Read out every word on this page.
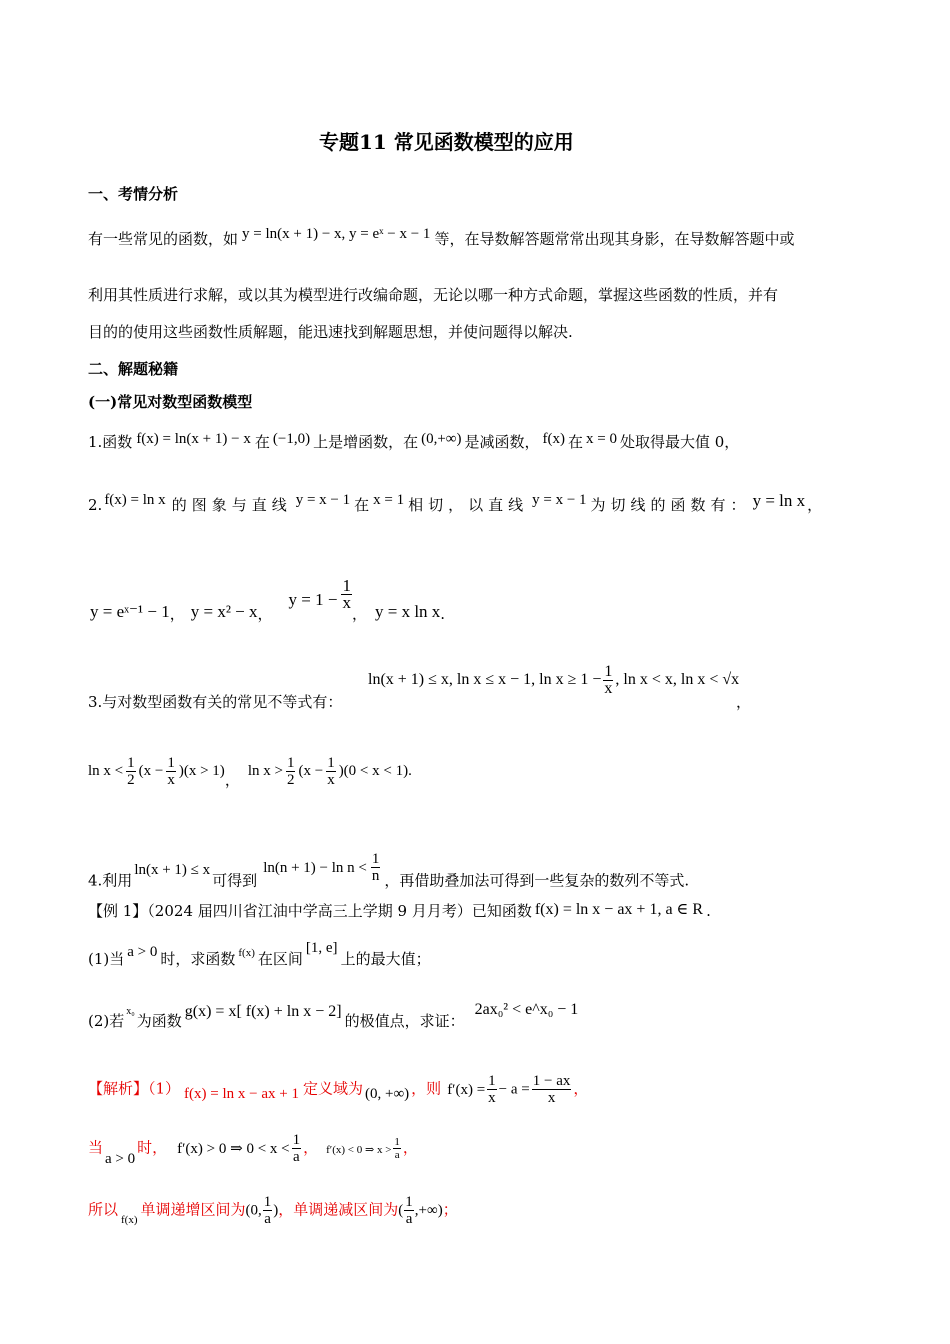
专题11 常见函数模型的应用
一、考情分析
有一些常见的函数，如 y = ln(x + 1) − x, y = eˣ − x − 1 等，在导数解答题常常出现其身影，在导数解答题中或
利用其性质进行求解，或以其为模型进行改编命题，无论以哪一种方式命题，掌握这些函数的性质，并有
目的的使用这些函数性质解题，能迅速找到解题思想，并使问题得以解决.
二、解题秘籍
(一)常见对数型函数模型
1.函数 f(x) = ln(x + 1) − x 在 (−1,0) 上是增函数，在 (0,+∞) 是减函数， f(x) 在 x = 0 处取得最大值 0，
2. f(x) = ln x 的图象与直线 y = x − 1 在 x = 1 相切，以直线 y = x − 1 为切线的函数有： y = ln x ，
y = eˣ⁻¹ − 1， y = x² − x，$y = 1 - \frac{1}{x}$
， y = x ln x.
3.与对数型函数有关的常见不等式有：
ln(x + 1) ≤ x, ln x ≤ x − 1, $\ln x \ge 1 - \frac{1}{x}$ , ln x < x, ln x < √x
，
$\ln x < \frac{1}{2} (x - \frac{1}{x} )(x > 1)$，$\ln x > \frac{1}{2} (x - \frac{1}{x} )(0 < x < 1)$.
4.利用ln(x + 1) ≤ x可得到$\ln(n + 1) - \ln n < \frac{1}{n}$ ，再借助叠加法可得到一些复杂的数列不等式.
【例 1】（2024 届四川省江油中学高三上学期 9 月月考）已知函数 f(x) = ln x − ax + 1, a ∈ R .
(1)当 a > 0 时，求函数 $^{f(x)}$ 在区间[1, e]上的最大值；
(2)若$^{x_0}$为函数g(x) = x[ f(x) + ln x − 2]的极值点，求证：2ax₀² < e^x₀ − 1
【解析】（1） f(x) = ln x − ax + 1 定义域为 (0, +∞) ，则 $f'(x) = \frac{1}{x} - a = \frac{1 - ax}{x}$ ，
当a > 0时， f′(x) > 0 ⇒ $0 < x < \frac{1}{a}$ ， f′(x) < 0 ⇒ $x > \frac{1}{a}$ ，
所以$_{f(x)}$单调递增区间为(0, $\frac{1}{a}$ )，单调递减区间为( $\frac{1}{a}$ ,+∞)；
